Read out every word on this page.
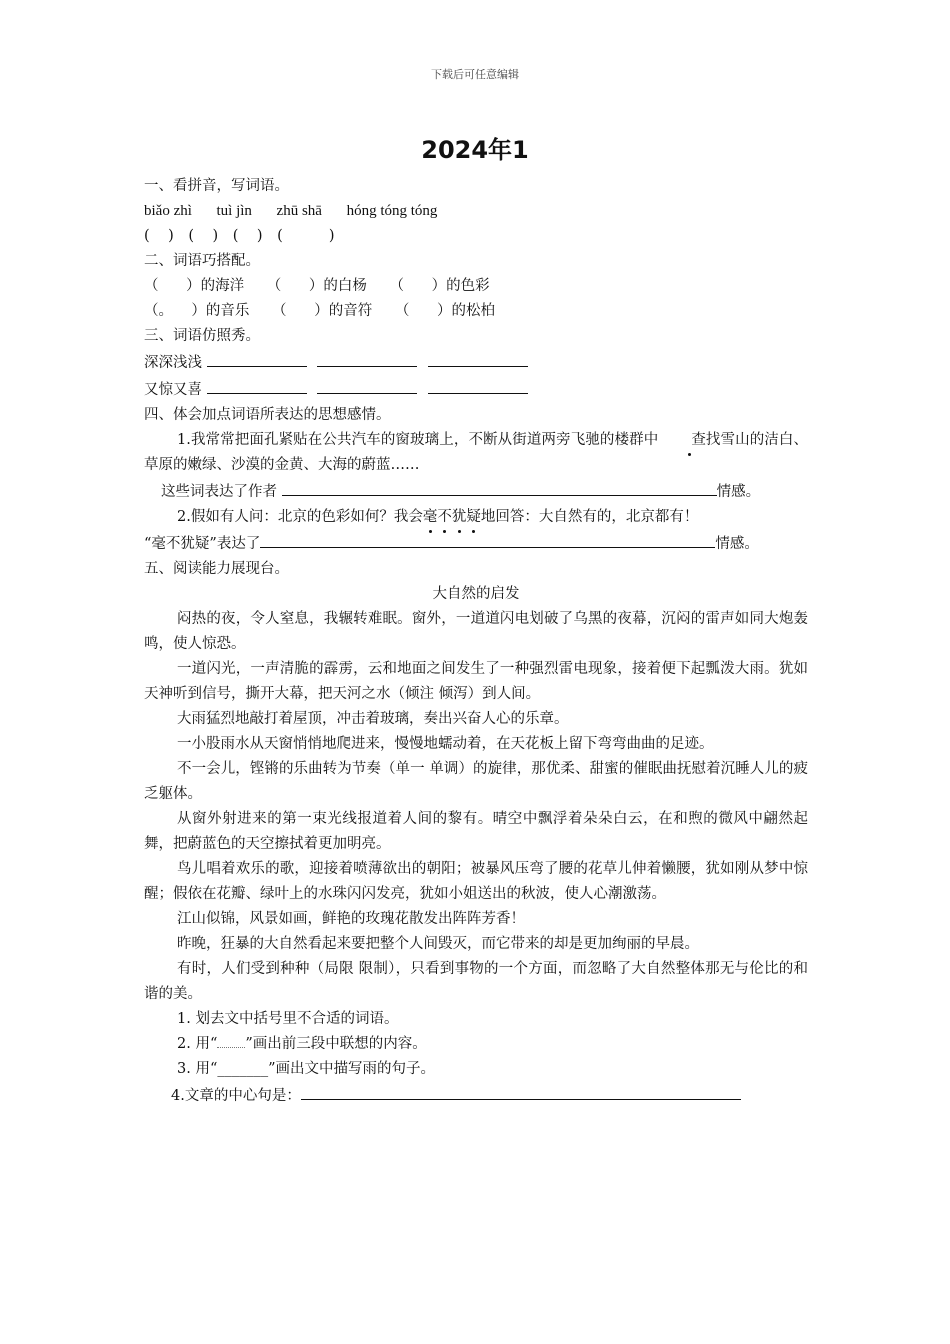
下载后可任意编辑
2024年1
一、看拼音，写词语。
biǎo zhì tuì jìn zhū shā hóng tóng tóng
(    ) (    ) (    ) (          )
二、词语巧搭配。
（      ）的海洋 （      ）的白杨 （      ）的色彩
（。    ）的音乐 （      ）的音符 （      ）的松柏
三、词语仿照秀。
深深浅浅
又惊又喜
四、体会加点词语所表达的思想感情。
1.我常常把面孔紧贴在公共汽车的窗玻璃上，不断从街道两旁飞驰的楼群中 查找雪山的洁白、草原的嫩绿、沙漠的金黄、大海的蔚蓝……
这些词表达了作者	情感。
2.假如有人问：北京的色彩如何？我会毫不犹疑地回答：大自然有的，北京都有！
“毫不犹疑”表达了	情感。
五、阅读能力展现台。
大自然的启发
闷热的夜，令人窒息，我辗转难眠。窗外，一道道闪电划破了乌黑的夜幕，沉闷的雷声如同大炮轰鸣，使人惊恐。
一道闪光，一声清脆的霹雳，云和地面之间发生了一种强烈雷电现象，接着便下起瓢泼大雨。犹如天神听到信号，撕开大幕，把天河之水（倾注 倾泻）到人间。
大雨猛烈地敲打着屋顶，冲击着玻璃，奏出兴奋人心的乐章。
一小股雨水从天窗悄悄地爬进来，慢慢地蠕动着，在天花板上留下弯弯曲曲的足迹。
不一会儿，铿锵的乐曲转为节奏（单一 单调）的旋律，那优柔、甜蜜的催眠曲抚慰着沉睡人儿的疲乏躯体。
从窗外射进来的第一束光线报道着人间的黎有。晴空中飘浮着朵朵白云，在和煦的微风中翩然起舞，把蔚蓝色的天空擦拭着更加明亮。
鸟儿唱着欢乐的歌，迎接着喷薄欲出的朝阳；被暴风压弯了腰的花草儿伸着懒腰，犹如刚从梦中惊醒；假依在花瓣、绿叶上的水珠闪闪发亮，犹如小姐送出的秋波，使人心潮激荡。
江山似锦，风景如画，鲜艳的玫瑰花散发出阵阵芳香！
昨晚，狂暴的大自然看起来要把整个人间毁灭，而它带来的却是更加绚丽的早晨。
有时，人们受到种种（局限 限制），只看到事物的一个方面，而忽略了大自然整体那无与伦比的和谐的美。
1. 划去文中括号里不合适的词语。
2. 用“ ”画出前三段中联想的内容。
3. 用“_______”画出文中描写雨的句子。
4.文章的中心句是：
